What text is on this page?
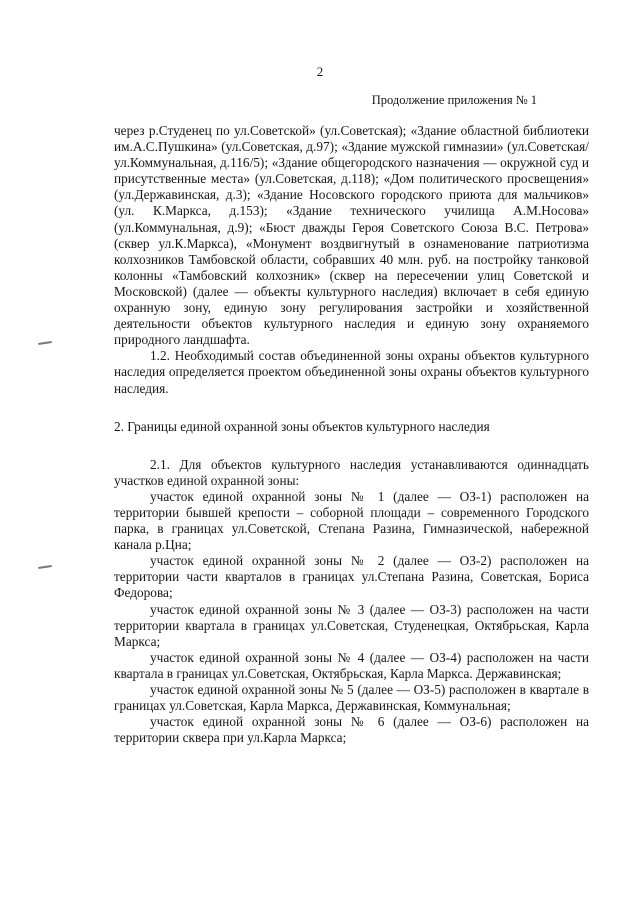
2
Продолжение приложения № 1

через р.Студенец по ул.Советской» (ул.Советская); «Здание областной библиотеки им.А.С.Пушкина» (ул.Советская, д.97); «Здание мужской гимназии» (ул.Советская/ул.Коммунальная, д.116/5); «Здание общегородского назначения — окружной суд и присутственные места» (ул.Советская, д.118); «Дом политического просвещения» (ул.Державинская, д.3); «Здание Носовского городского приюта для мальчиков» (ул. К.Маркса, д.153); «Здание технического училища А.М.Носова» (ул.Коммунальная, д.9); «Бюст дважды Героя Советского Союза В.С. Петрова» (сквер ул.К.Маркса), «Монумент воздвигнутый в ознаменование патриотизма колхозников Тамбовской области, собравших 40 млн. руб. на постройку танковой колонны «Тамбовский колхозник» (сквер на пересечении улиц Советской и Московской) (далее — объекты культурного наследия) включает в себя единую охранную зону, единую зону регулирования застройки и хозяйственной деятельности объектов культурного наследия и единую зону охраняемого природного ландшафта.

1.2. Необходимый состав объединенной зоны охраны объектов культурного наследия определяется проектом объединенной зоны охраны объектов культурного наследия.

2. Границы единой охранной зоны объектов культурного наследия

2.1. Для объектов культурного наследия устанавливаются одиннадцать участков единой охранной зоны:

участок единой охранной зоны № 1 (далее — ОЗ-1) расположен на территории бывшей крепости – соборной площади – современного Городского парка, в границах ул.Советской, Степана Разина, Гимназической, набережной канала р.Цна;

участок единой охранной зоны № 2 (далее — ОЗ-2) расположен на территории части кварталов в границах ул.Степана Разина, Советская, Бориса Федорова;

участок единой охранной зоны № 3 (далее — ОЗ-3) расположен на части территории квартала в границах ул.Советская, Студенецкая, Октябрьская, Карла Маркса;

участок единой охранной зоны № 4 (далее — ОЗ-4) расположен на части квартала в границах ул.Советская, Октябрьская, Карла Маркса. Державинская;

участок единой охранной зоны № 5 (далее — ОЗ-5) расположен в квартале в границах ул.Советская, Карла Маркса, Державинская, Коммунальная;

участок единой охранной зоны № 6 (далее — ОЗ-6) расположен на территории сквера при ул.Карла Маркса;
